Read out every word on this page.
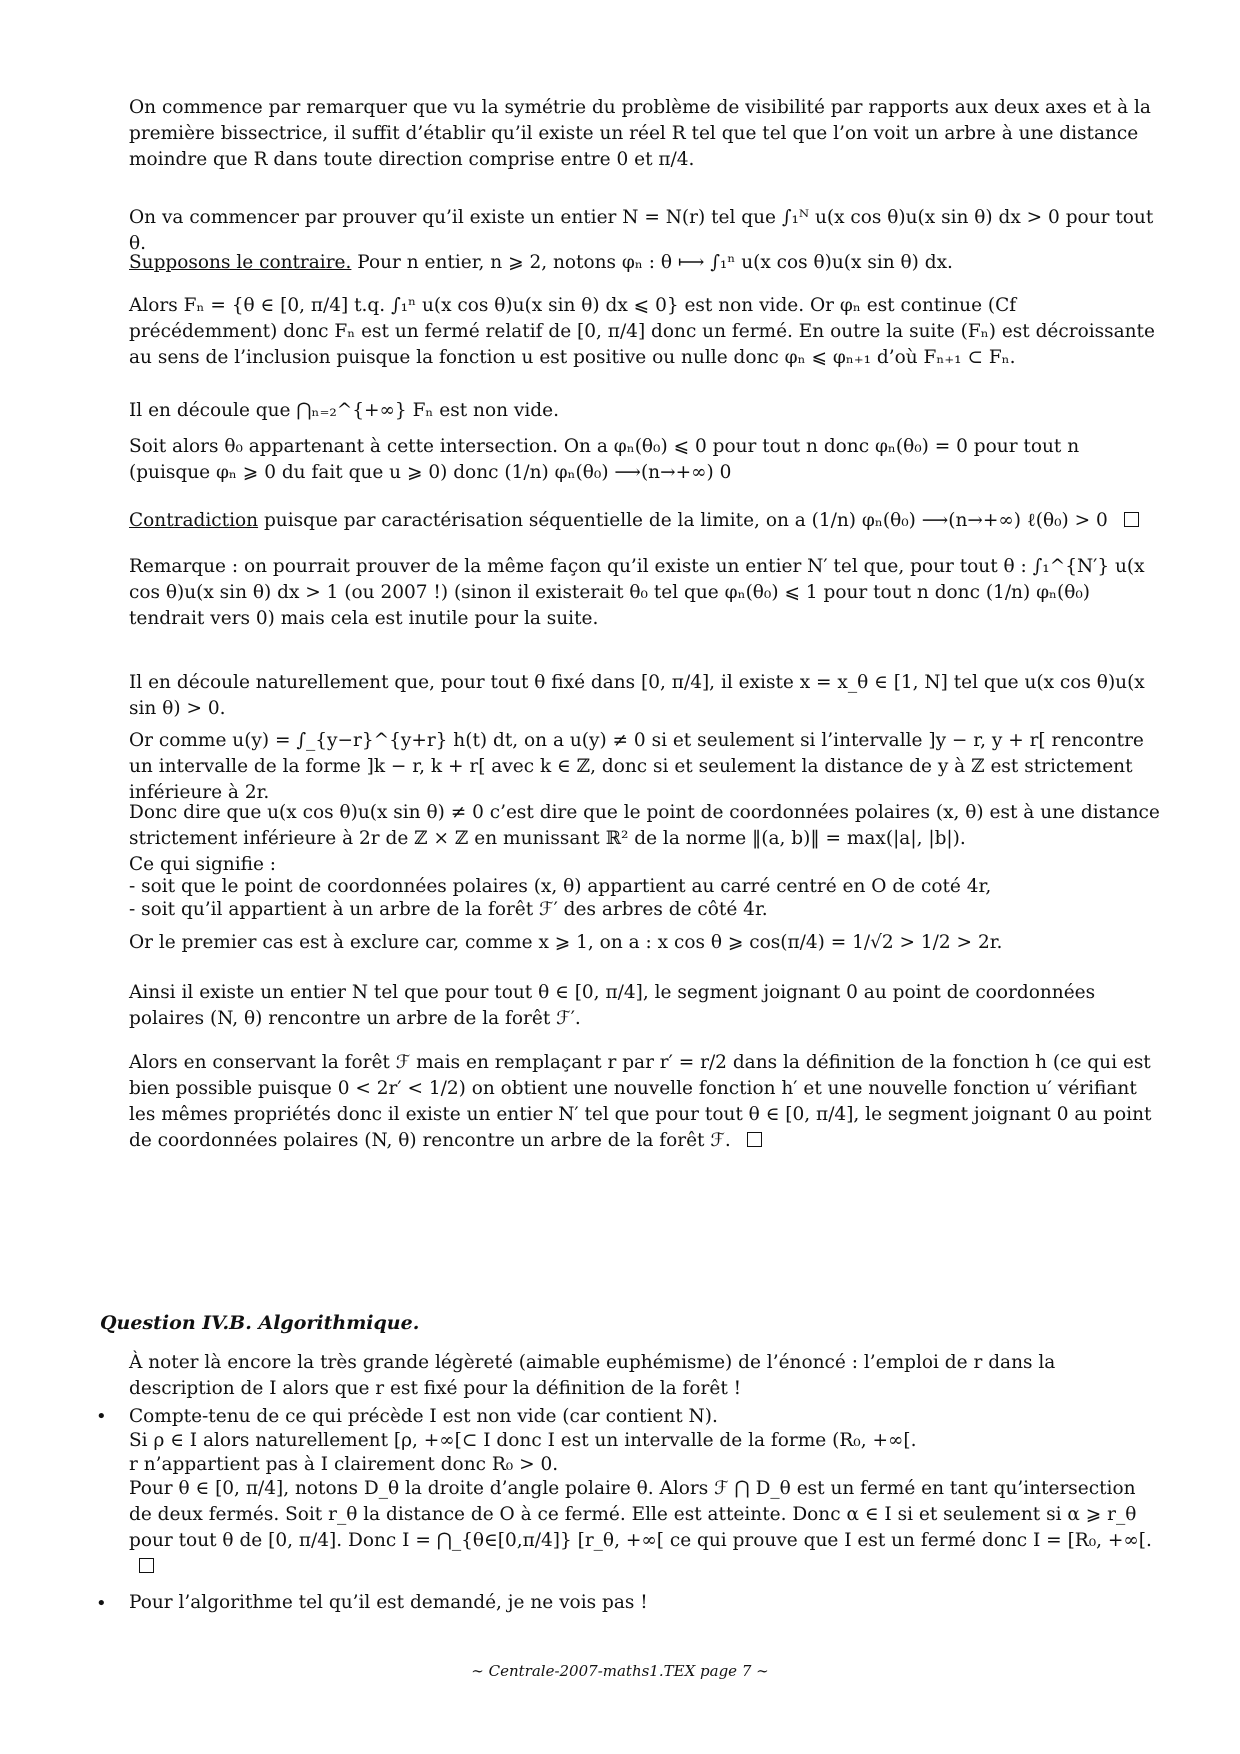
On commence par remarquer que vu la symétrie du problème de visibilité par rapports aux deux axes et à la première bissectrice, il suffit d’établir qu’il existe un réel R tel que tel que l’on voit un arbre à une distance moindre que R dans toute direction comprise entre 0 et π/4.

On va commencer par prouver qu’il existe un entier N = N(r) tel que ∫₁ᴺ u(x cos θ)u(x sin θ) dx > 0 pour tout θ.

Supposons le contraire. Pour n entier, n ⩾ 2, notons φₙ : θ ⟼ ∫₁ⁿ u(x cos θ)u(x sin θ) dx.

Alors Fₙ = {θ ∈ [0, π/4] t.q. ∫₁ⁿ u(x cos θ)u(x sin θ) dx ⩽ 0} est non vide. Or φₙ est continue (Cf précédemment) donc Fₙ est un fermé relatif de [0, π/4] donc un fermé. En outre la suite (Fₙ) est décroissante au sens de l’inclusion puisque la fonction u est positive ou nulle donc φₙ ⩽ φₙ₊₁ d’où Fₙ₊₁ ⊂ Fₙ.

Il en découle que ⋂ₙ₌₂^{+∞} Fₙ est non vide.

Soit alors θ₀ appartenant à cette intersection. On a φₙ(θ₀) ⩽ 0 pour tout n donc φₙ(θ₀) = 0 pour tout n (puisque φₙ ⩾ 0 du fait que u ⩾ 0) donc (1/n) φₙ(θ₀) ⟶(n→+∞) 0

Contradiction puisque par caractérisation séquentielle de la limite, on a (1/n) φₙ(θ₀) ⟶(n→+∞) ℓ(θ₀) > 0

Remarque : on pourrait prouver de la même façon qu’il existe un entier N′ tel que, pour tout θ : ∫₁^{N′} u(x cos θ)u(x sin θ) dx > 1 (ou 2007 !) (sinon il existerait θ₀ tel que φₙ(θ₀) ⩽ 1 pour tout n donc (1/n) φₙ(θ₀) tendrait vers 0) mais cela est inutile pour la suite.

Il en découle naturellement que, pour tout θ fixé dans [0, π/4], il existe x = x_θ ∈ [1, N] tel que u(x cos θ)u(x sin θ) > 0.

Or comme u(y) = ∫_{y−r}^{y+r} h(t) dt, on a u(y) ≠ 0 si et seulement si l’intervalle ]y − r, y + r[ rencontre un intervalle de la forme ]k − r, k + r[ avec k ∈ ℤ, donc si et seulement la distance de y à ℤ est strictement inférieure à 2r.

Donc dire que u(x cos θ)u(x sin θ) ≠ 0 c’est dire que le point de coordonnées polaires (x, θ) est à une distance strictement inférieure à 2r de ℤ × ℤ en munissant ℝ² de la norme ‖(a, b)‖ = max(|a|, |b|).

Ce qui signifie :

- soit que le point de coordonnées polaires (x, θ) appartient au carré centré en O de coté 4r,

- soit qu’il appartient à un arbre de la forêt ℱ′ des arbres de côté 4r.

Or le premier cas est à exclure car, comme x ⩾ 1, on a : x cos θ ⩾ cos(π/4) = 1/√2 > 1/2 > 2r.

Ainsi il existe un entier N tel que pour tout θ ∈ [0, π/4], le segment joignant 0 au point de coordonnées polaires (N, θ) rencontre un arbre de la forêt ℱ′.

Alors en conservant la forêt ℱ mais en remplaçant r par r′ = r/2 dans la définition de la fonction h (ce qui est bien possible puisque 0 < 2r′ < 1/2) on obtient une nouvelle fonction h′ et une nouvelle fonction u′ vérifiant les mêmes propriétés donc il existe un entier N′ tel que pour tout θ ∈ [0, π/4], le segment joignant 0 au point de coordonnées polaires (N, θ) rencontre un arbre de la forêt ℱ.

Question IV.B. Algorithmique.

À noter là encore la très grande légèreté (aimable euphémisme) de l’énoncé : l’emploi de r dans la description de I alors que r est fixé pour la définition de la forêt !

• Compte-tenu de ce qui précède I est non vide (car contient N).

Si ρ ∈ I alors naturellement [ρ, +∞[⊂ I donc I est un intervalle de la forme (R₀, +∞[.

r n’appartient pas à I clairement donc R₀ > 0.

Pour θ ∈ [0, π/4], notons D_θ la droite d’angle polaire θ. Alors ℱ ⋂ D_θ est un fermé en tant qu’intersection de deux fermés. Soit r_θ la distance de O à ce fermé. Elle est atteinte. Donc α ∈ I si et seulement si α ⩾ r_θ pour tout θ de [0, π/4]. Donc I = ⋂_{θ∈[0,π/4]} [r_θ, +∞[ ce qui prouve que I est un fermé donc I = [R₀, +∞[.

• Pour l’algorithme tel qu’il est demandé, je ne vois pas !

∼ Centrale-2007-maths1.TEX page 7 ∼
